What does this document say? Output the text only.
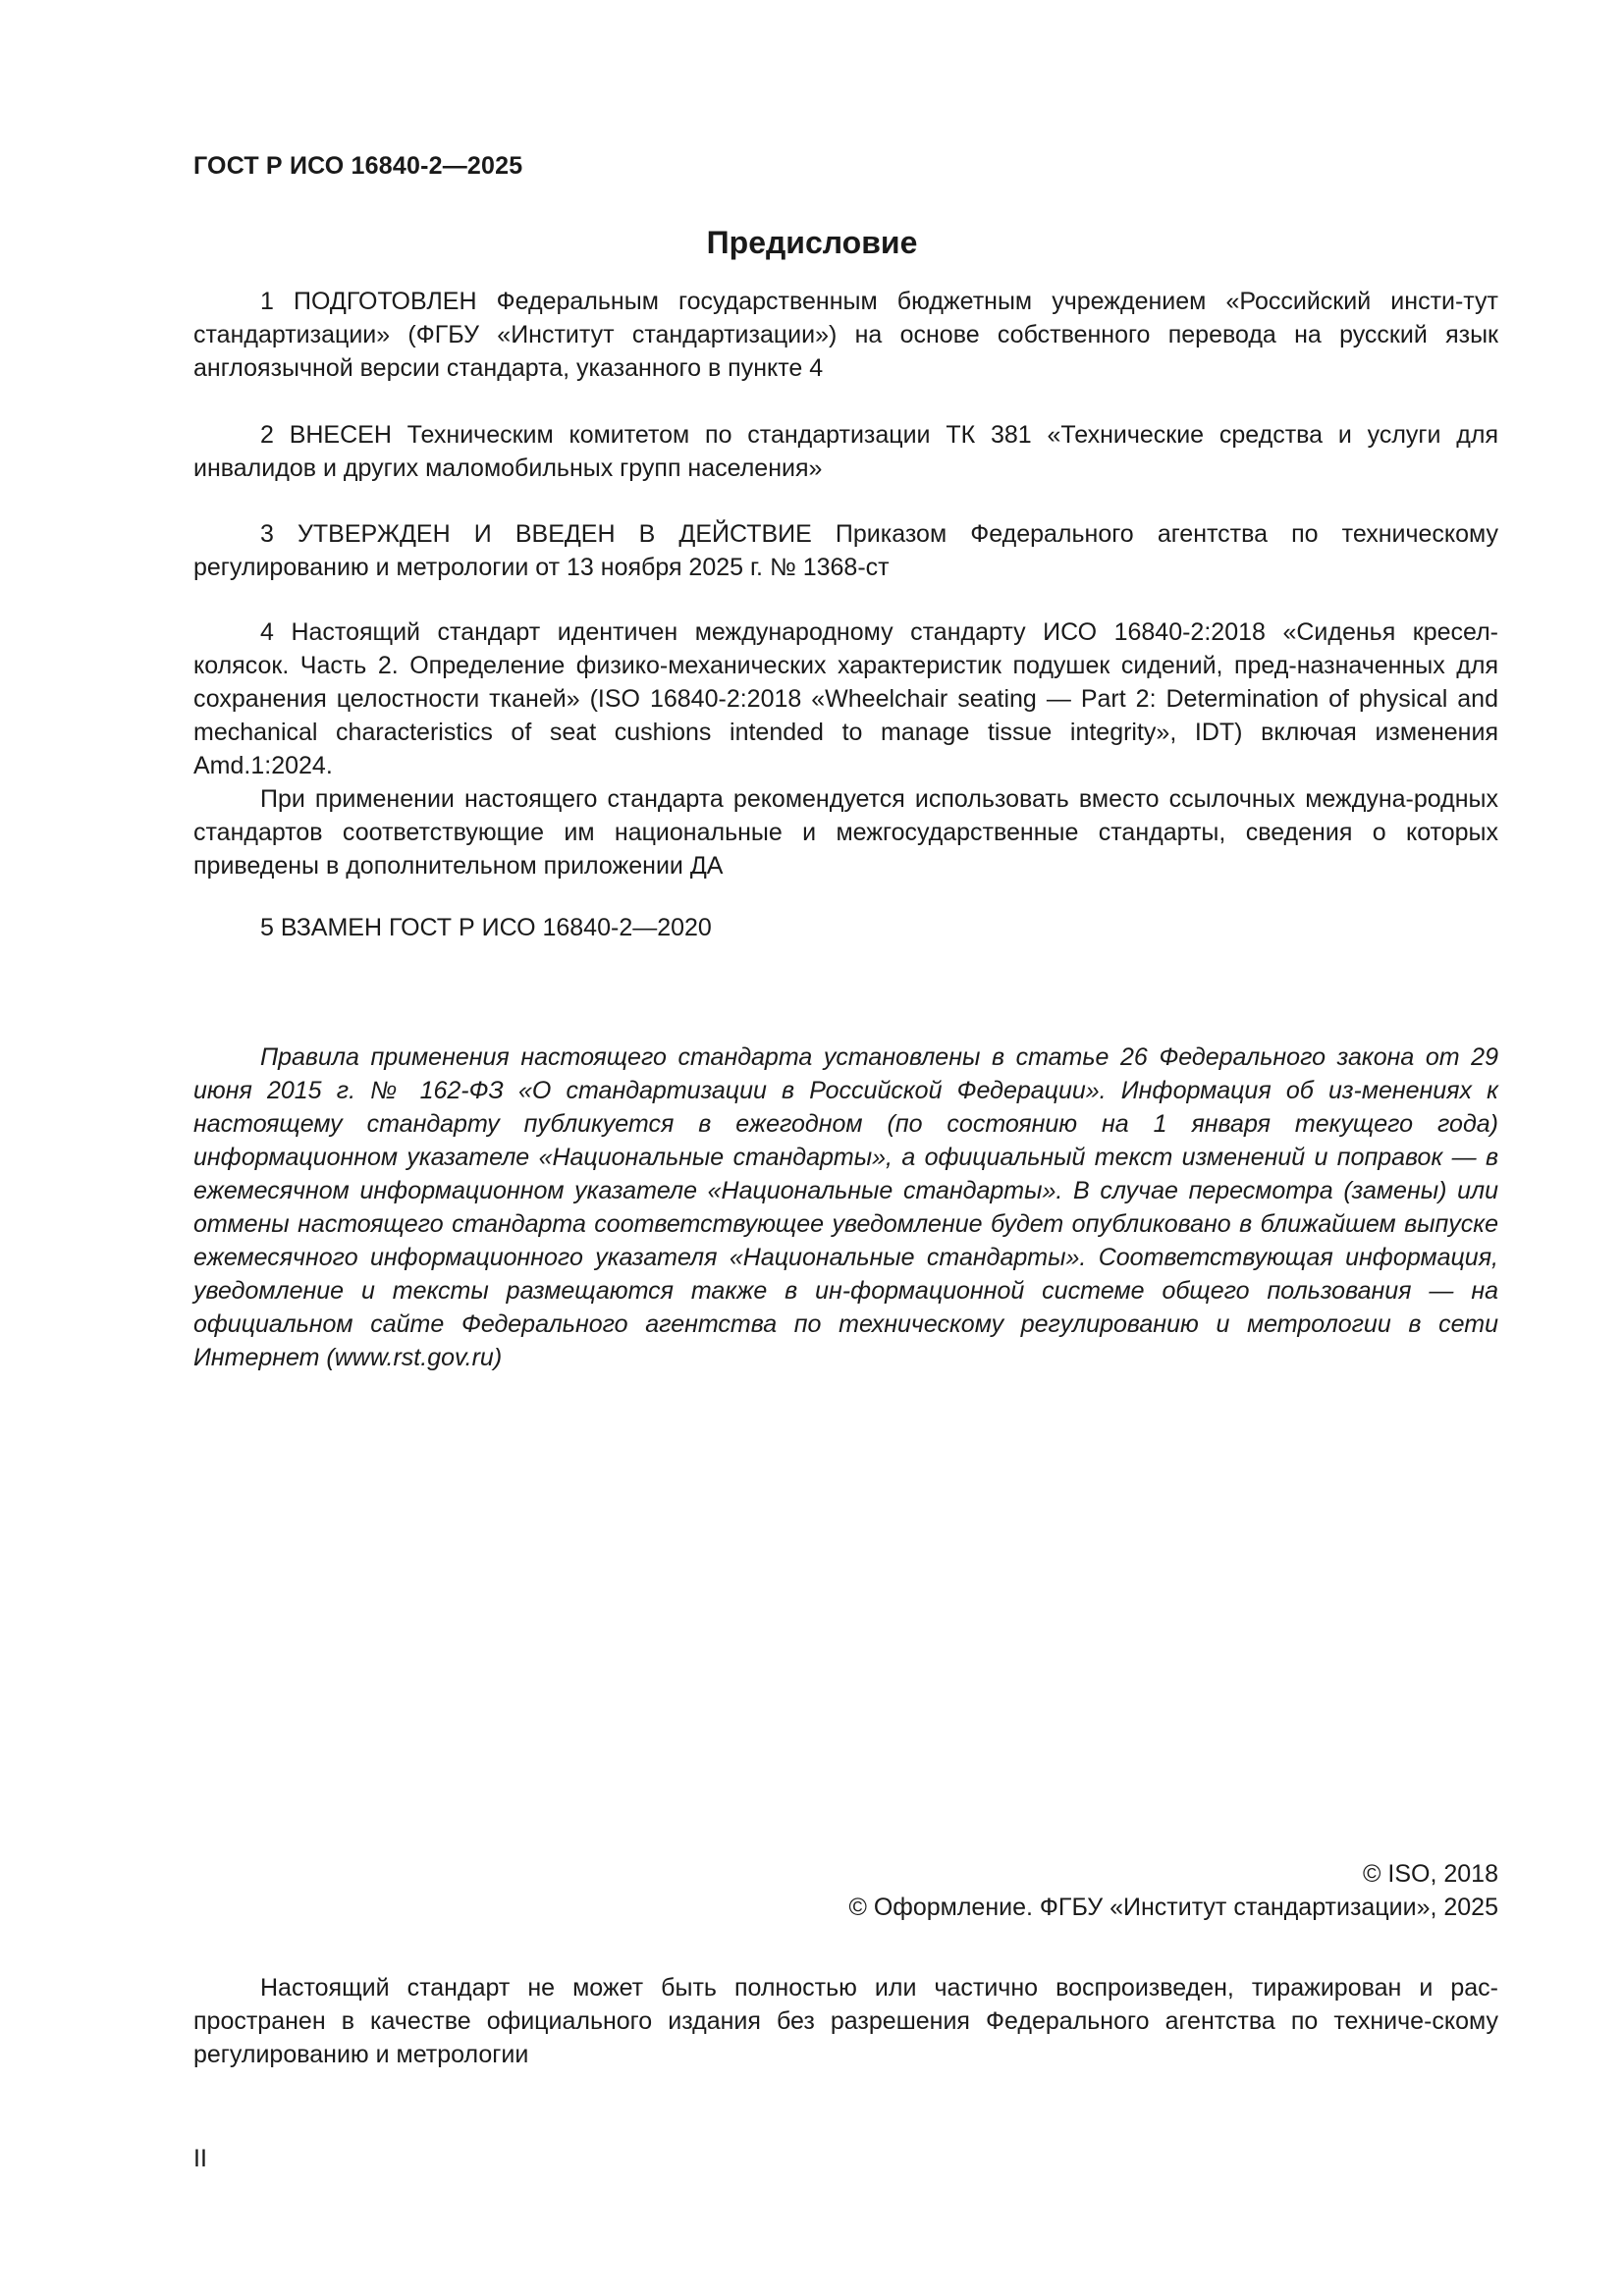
ГОСТ Р ИСО 16840-2—2025
Предисловие

1 ПОДГОТОВЛЕН Федеральным государственным бюджетным учреждением «Российский инсти-тут стандартизации» (ФГБУ «Институт стандартизации») на основе собственного перевода на русский язык англоязычной версии стандарта, указанного в пункте 4

2 ВНЕСЕН Техническим комитетом по стандартизации ТК 381 «Технические средства и услуги для инвалидов и других маломобильных групп населения»

3 УТВЕРЖДЕН И ВВЕДЕН В ДЕЙСТВИЕ Приказом Федерального агентства по техническому регулированию и метрологии от 13 ноября 2025 г. № 1368-ст

4 Настоящий стандарт идентичен международному стандарту ИСО 16840-2:2018 «Сиденья кресел-колясок. Часть 2. Определение физико-механических характеристик подушек сидений, пред-назначенных для сохранения целостности тканей» (ISO 16840-2:2018 «Wheelchair seating — Part 2: Determination of physical and mechanical characteristics of seat cushions intended to manage tissue integrity», IDT) включая изменения Amd.1:2024.

При применении настоящего стандарта рекомендуется использовать вместо ссылочных междуна-родных стандартов соответствующие им национальные и межгосударственные стандарты, сведения о которых приведены в дополнительном приложении ДА

5 ВЗАМЕН ГОСТ Р ИСО 16840-2—2020

Правила применения настоящего стандарта установлены в статье 26 Федерального закона от 29 июня 2015 г. № 162-ФЗ «О стандартизации в Российской Федерации». Информация об из-менениях к настоящему стандарту публикуется в ежегодном (по состоянию на 1 января текущего года) информационном указателе «Национальные стандарты», а официальный текст изменений и поправок — в ежемесячном информационном указателе «Национальные стандарты». В случае пересмотра (замены) или отмены настоящего стандарта соответствующее уведомление будет опубликовано в ближайшем выпуске ежемесячного информационного указателя «Национальные стандарты». Соответствующая информация, уведомление и тексты размещаются также в ин-формационной системе общего пользования — на официальном сайте Федерального агентства по техническому регулированию и метрологии в сети Интернет (www.rst.gov.ru)

© ISO, 2018
© Оформление. ФГБУ «Институт стандартизации», 2025

Настоящий стандарт не может быть полностью или частично воспроизведен, тиражирован и рас-пространен в качестве официального издания без разрешения Федерального агентства по техниче-скому регулированию и метрологии

II
